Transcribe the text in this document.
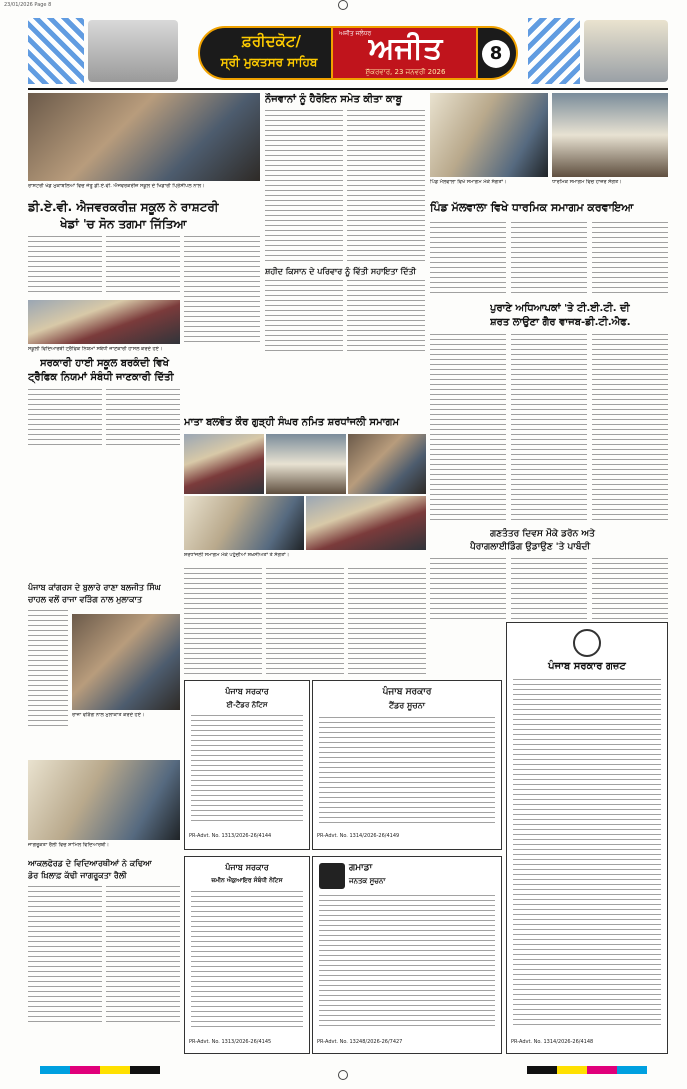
23/01/2026 Page 8
ਫ਼ਰੀਦਕੋਟ/
ਸ੍ਰੀ ਮੁਕਤਸਰ ਸਾਹਿਬ
ਅਜੀਤ ਜਲੰਧਰ
ਅਜੀਤ
ਸ਼ੁੱਕਰਵਾਰ, 23 ਜਨਵਰੀ 2026
8
ਰਾਸ਼ਟਰੀ ਖੇਡ ਮੁਕਾਬਲਿਆਂ ਵਿਚ ਜੇਤੂ ਡੀ.ਏ.ਵੀ. ਐਜਵਰਕਰੀਜ਼ ਸਕੂਲ ਦੇ ਖਿਡਾਰੀ ਪ੍ਰਿੰਸੀਪਲ ਨਾਲ।
ਡੀ.ਏ.ਵੀ. ਐਜਵਰਕਰੀਜ਼ ਸਕੂਲ ਨੇ ਰਾਸ਼ਟਰੀ
ਖੇਡਾਂ 'ਚ ਸੋਨ ਤਗਮਾ ਜਿੱਤਿਆ
ਸਕੂਲੀ ਵਿਦਿਆਰਥੀ ਟ੍ਰੈਫਿਕ ਨਿਯਮਾਂ ਸਬੰਧੀ ਜਾਣਕਾਰੀ ਹਾਸਲ ਕਰਦੇ ਹੋਏ।
ਸਰਕਾਰੀ ਹਾਈ ਸਕੂਲ ਬਰਕੰਦੀ ਵਿਖੇ
ਟ੍ਰੈਫਿਕ ਨਿਯਮਾਂ ਸੰਬੰਧੀ ਜਾਣਕਾਰੀ ਦਿੱਤੀ
ਨੌਜਵਾਨਾਂ ਨੂੰ ਹੈਰੋਇਨ ਸਮੇਤ ਕੀਤਾ ਕਾਬੂ
ਸ਼ਹੀਦ ਕਿਸਾਨ ਦੇ ਪਰਿਵਾਰ ਨੂੰ ਵਿੱਤੀ ਸਹਾਇਤਾ ਦਿੱਤੀ
ਪਿੰਡ ਮੱਲਵਾਲਾ ਵਿਖੇ ਸਮਾਗਮ ਮੌਕੇ ਸੰਗਤਾਂ।	ਧਾਰਮਿਕ ਸਮਾਗਮ ਵਿਚ ਹਾਜ਼ਰ ਸੰਗਤ।
ਪਿੰਡ ਮੱਲਵਾਲਾ ਵਿਖੇ ਧਾਰਮਿਕ ਸਮਾਗਮ ਕਰਵਾਇਆ
ਪੁਰਾਣੇ ਅਧਿਆਪਕਾਂ 'ਤੇ ਟੀ.ਈ.ਟੀ. ਦੀ
ਸ਼ਰਤ ਲਾਉਣਾ ਗੈਰ ਵਾਜਬ-ਡੀ.ਟੀ.ਐਫ.
ਮਾਤਾ ਬਲਵੰਤ ਕੌਰ ਗੁੜ੍ਹੀ ਸੰਘਰ ਨਮਿਤ ਸ਼ਰਧਾਂਜਲੀ ਸਮਾਗਮ
ਸ਼ਰਧਾਂਜਲੀ ਸਮਾਗਮ ਮੌਕੇ ਪਹੁੰਚੀਆਂ ਸ਼ਖ਼ਸੀਅਤਾਂ ਤੇ ਸੰਗਤਾਂ।
ਗਣਤੰਤਰ ਦਿਵਸ ਮੌਕੇ ਡਰੋਨ ਅਤੇ
ਪੈਰਾਗਲਾਈਡਿੰਗ ਉਡਾਉਣ 'ਤੇ ਪਾਬੰਦੀ
ਪੰਜਾਬ ਕਾਂਗਰਸ ਦੇ ਬੁਲਾਰੇ ਰਾਣਾ ਬਲਜੀਤ ਸਿੰਘ
ਚਾਹਲ ਵਲੋਂ ਰਾਜਾ ਵੜਿੰਗ ਨਾਲ ਮੁਲਾਕਾਤ
ਰਾਜਾ ਵੜਿੰਗ ਨਾਲ ਮੁਲਾਕਾਤ ਕਰਦੇ ਹੋਏ।
ਜਾਗਰੂਕਤਾ ਰੈਲੀ ਵਿਚ ਸ਼ਾਮਿਲ ਵਿਦਿਆਰਥੀ।
ਆਕਲਫੋਰਡ ਦੇ ਵਿਦਿਆਰਥੀਆਂ ਨੇ ਕਢਿਆ
ਡੋਰ ਖ਼ਿਲਾਫ਼ ਕੱਢੀ ਜਾਗਰੂਕਤਾ ਰੈਲੀ
ਪੰਜਾਬ ਸਰਕਾਰ
ਈ-ਟੈਂਡਰ ਨੋਟਿਸ
PR-Advt. No. 1313/2026-26/4144
ਪੰਜਾਬ ਸਰਕਾਰ
ਟੈਂਡਰ ਸੂਚਨਾ
PR-Advt. No. 1314/2026-26/4149
ਪੰਜਾਬ ਸਰਕਾਰ ਗਜ਼ਟ
PR-Advt. No. 1314/2026-26/4148
ਪੰਜਾਬ ਸਰਕਾਰ
ਜ਼ਮੀਨ ਐਕੁਆਇਰ ਸੰਬੰਧੀ ਨੋਟਿਸ
PR-Advt. No. 1313/2026-26/4145
ਗਮਾਡਾ
ਜਨਤਕ ਸੂਚਨਾ
PR-Advt. No. 13248/2026-26/7427
